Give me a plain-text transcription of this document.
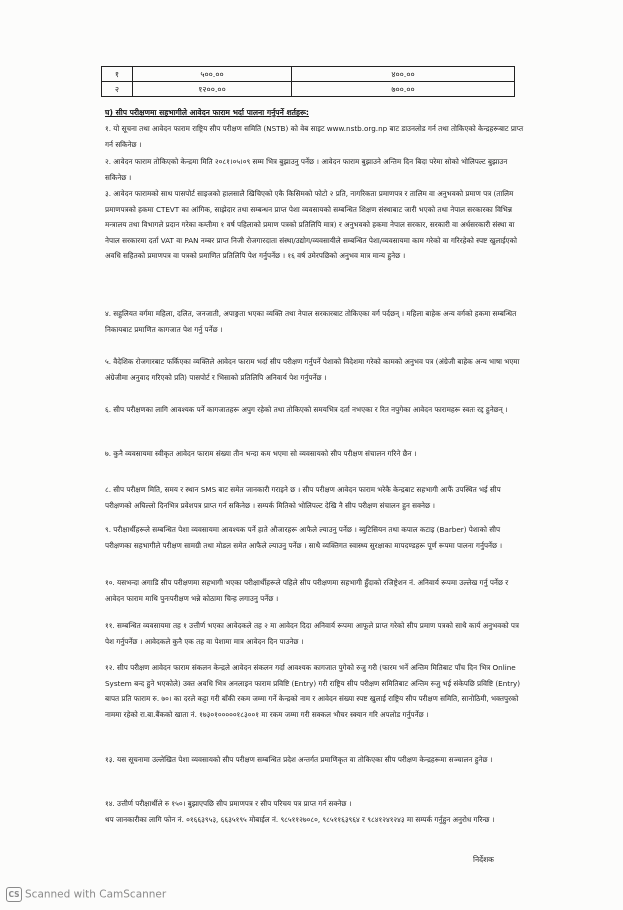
१	५००.००	४००.००
२	१२००.००	७००.००
घ) सीप परीक्षणमा सहभागीले आवेदन फाराम भर्दा पालना गर्नुपर्ने शर्तहरू:

१. यो सूचना तथा आवेदन फाराम राष्ट्रिय सीप परीक्षण समिति (NSTB) को वेब साइट www.nstb.org.np बाट डाउनलोड गर्न तथा तोकिएको केन्द्रहरूबाट प्राप्त गर्न सकिनेछ ।

२. आवेदन फाराम तोकिएको केन्द्रमा मिति २०८१।०५।०९ सम्म भित्र बुझाउनु पर्नेछ । आवेदन फाराम बुझाउने अन्तिम दिन बिदा परेमा सोको भोलिपल्ट बुझाउन सकिनेछ ।

३. आवेदन फारामको साथ पासपोर्ट साइजको हालसालै खिचिएको एकै किसिमको फोटो २ प्रति, नागरिकता प्रमाणपत्र र तालिम वा अनुभवको प्रमाण पत्र (तालिम प्रमाणपत्रको हकमा CTEVT का आंगिक, साझेदार तथा सम्बन्धन प्राप्त पेशा व्यवसायको सम्बन्धित शिक्षण संस्थाबाट जारी भएको तथा नेपाल सरकारका विभिन्न मन्त्रालय तथा विभागले प्रदान गरेका कम्तीमा १ वर्ष पहिलाको प्रमाण पत्रको प्रतिलिपि मात्र) र अनुभवको हकमा नेपाल सरकार, सरकारी वा अर्धसरकारी संस्था वा नेपाल सरकारमा दर्ता VAT वा PAN नम्बर प्राप्त निजी रोजगारदाता संस्था/उद्योग/व्यवसायीले सम्बन्धित पेशा/व्यवसायमा काम गरेको वा गरिरहेको स्पष्ट खुलाईएको अवधि सहितको प्रमाणपत्र वा पत्रको प्रमाणित प्रतिलिपि पेश गर्नुपर्नेछ । १६ वर्ष उमेरपछिको अनुभव मात्र मान्य हुनेछ ।

४. सहुलियत वर्गमा महिला, दलित, जनजाती, अपाङ्गता भएका व्यक्ति तथा नेपाल सरकारबाट तोकिएका वर्ग पर्दछन् । महिला बाहेक अन्य वर्गको हकमा सम्बन्धित निकायबाट प्रमाणित कागजात पेश गर्नु पर्नेछ ।

५. वैदेशिक रोजगारबाट फर्किएका व्यक्तिले आवेदन फाराम भर्दा सीप परीक्षण गर्नुपर्ने पेशाको विदेशमा गरेको कामको अनुभव पत्र (अंग्रेजी बाहेक अन्य भाषा भएमा अंग्रेजीमा अनुवाद गरिएको प्रति) पासपोर्ट र भिसाको प्रतिलिपि अनिवार्य पेश गर्नुपर्नेछ ।

६. सीप परीक्षणका लागि आवश्यक पर्ने कागजातहरू अपुग रहेको तथा तोकिएको समयभित्र दर्ता नभएका र रित नपुगेका आवेदन फारामहरू स्वतः रद्द हुनेछन् ।

७. कुनै व्यवसायमा स्वीकृत आवेदन फाराम संख्या तीन भन्दा कम भएमा सो व्यवसायको सीप परीक्षण संचालन गरिने छैन ।

८. सीप परीक्षण मिति, समय र स्थान SMS बाट समेत जानकारी गराइने छ । सीप परीक्षण आवेदन फाराम भरेकै केन्द्रबाट सहभागी आफैं उपस्थित भई सीप परीक्षणको अघिल्लो दिनभित्र प्रवेशपत्र प्राप्त गर्न सकिनेछ । सम्पर्क मितिको भोलिपल्ट देखि नै सीप परीक्षण संचालन हुन सक्नेछ ।

९. परीक्षार्थीहरूले सम्बन्धित पेशा व्यवसायमा आवश्यक पर्ने हाते औजारहरू आफैले ल्याउनु पर्नेछ । ब्युटिसियन तथा कपाल कटाइ (Barber) पेशाको सीप परीक्षणका सहभागीले परीक्षण सामग्री तथा मोडल समेत आफैले ल्याउनु पर्नेछ । साथै व्यक्तिगत स्वास्थ्य सुरक्षाका मापदण्डहरू पूर्ण रूपमा पालना गर्नुपर्नेछ ।

१०. यसभन्दा अगाडि सीप परीक्षणमा सहभागी भएका परीक्षार्थीहरूले पहिले सीप परीक्षणमा सहभागी हुँदाको रजिष्ट्रेशन नं. अनिवार्य रूपमा उल्लेख गर्नु पर्नेछ र आवेदन फाराम माथि पुनःपरीक्षण भन्ने कोठामा चिन्ह लगाउनु पर्नेछ ।

११. सम्बन्धित व्यवसायमा तह १ उत्तीर्ण भएका आवेदकले तह २ मा आवेदन दिदा अनिवार्य रूपमा आफूले प्राप्त गरेको सीप प्रमाण पत्रको साथै कार्य अनुभवको पत्र पेश गर्नुपर्नेछ । आवेदकले कुनै एक तह वा पेशामा मात्र आवेदन दिन पाउनेछ ।

१२. सीप परीक्षण आवेदन फाराम संकलन केन्द्रले आवेदन संकलन गर्दा आवश्यक कागजात पुगेको रुजु गरी (फारम भर्ने अन्तिम मितिबाट पाँच दिन भित्र Online System बन्द हुने भएकोले) उक्त अवधि भित्र अनलाइन फाराम प्रविष्टि (Entry) गरी राष्ट्रिय सीप परीक्षण समितिबाट अन्तिम रुजु भई संकेपछि प्रविष्टि (Entry) बापत प्रति फाराम रु. ७०। का दरले कट्टा गरी बाँकी रकम जम्मा गर्ने केन्द्रको नाम र आवेदन संख्या स्पष्ट खुलाई राष्ट्रिय सीप परीक्षण समिति, सानोठिमी, भक्तपुरको नाममा रहेको रा.बा.बैंकको खाता नं. १७३०१०००००१८३००१ मा रकम जम्मा गरी सक्कल भौचर स्क्यान गरि अपलोड गर्नुपर्नेछ ।

१३. यस सूचनामा उल्लेखित पेशा व्यवसायको सीप परीक्षण सम्बन्धित प्रदेश अन्तर्गत प्रमाणिकृत वा तोकिएका सीप परीक्षण केन्द्रहरूमा सञ्चालन हुनेछ ।

१४. उत्तीर्ण परीक्षार्थीले रु १५०। बुझाएपछि सीप प्रमाणपत्र र सीप परिचय पत्र प्राप्त गर्न सक्नेछ ।
थप जानकारीका लागि फोन नं. ०१६६३९५३, ६६३५१९५ मोबाईल नं. ९८५११२७०८०, ९८५११६३९६४ र ९८४१२४१२४३ मा सम्पर्क गर्नुहुन अनुरोध गरिन्छ ।

निर्देशक
CS Scanned with CamScanner
